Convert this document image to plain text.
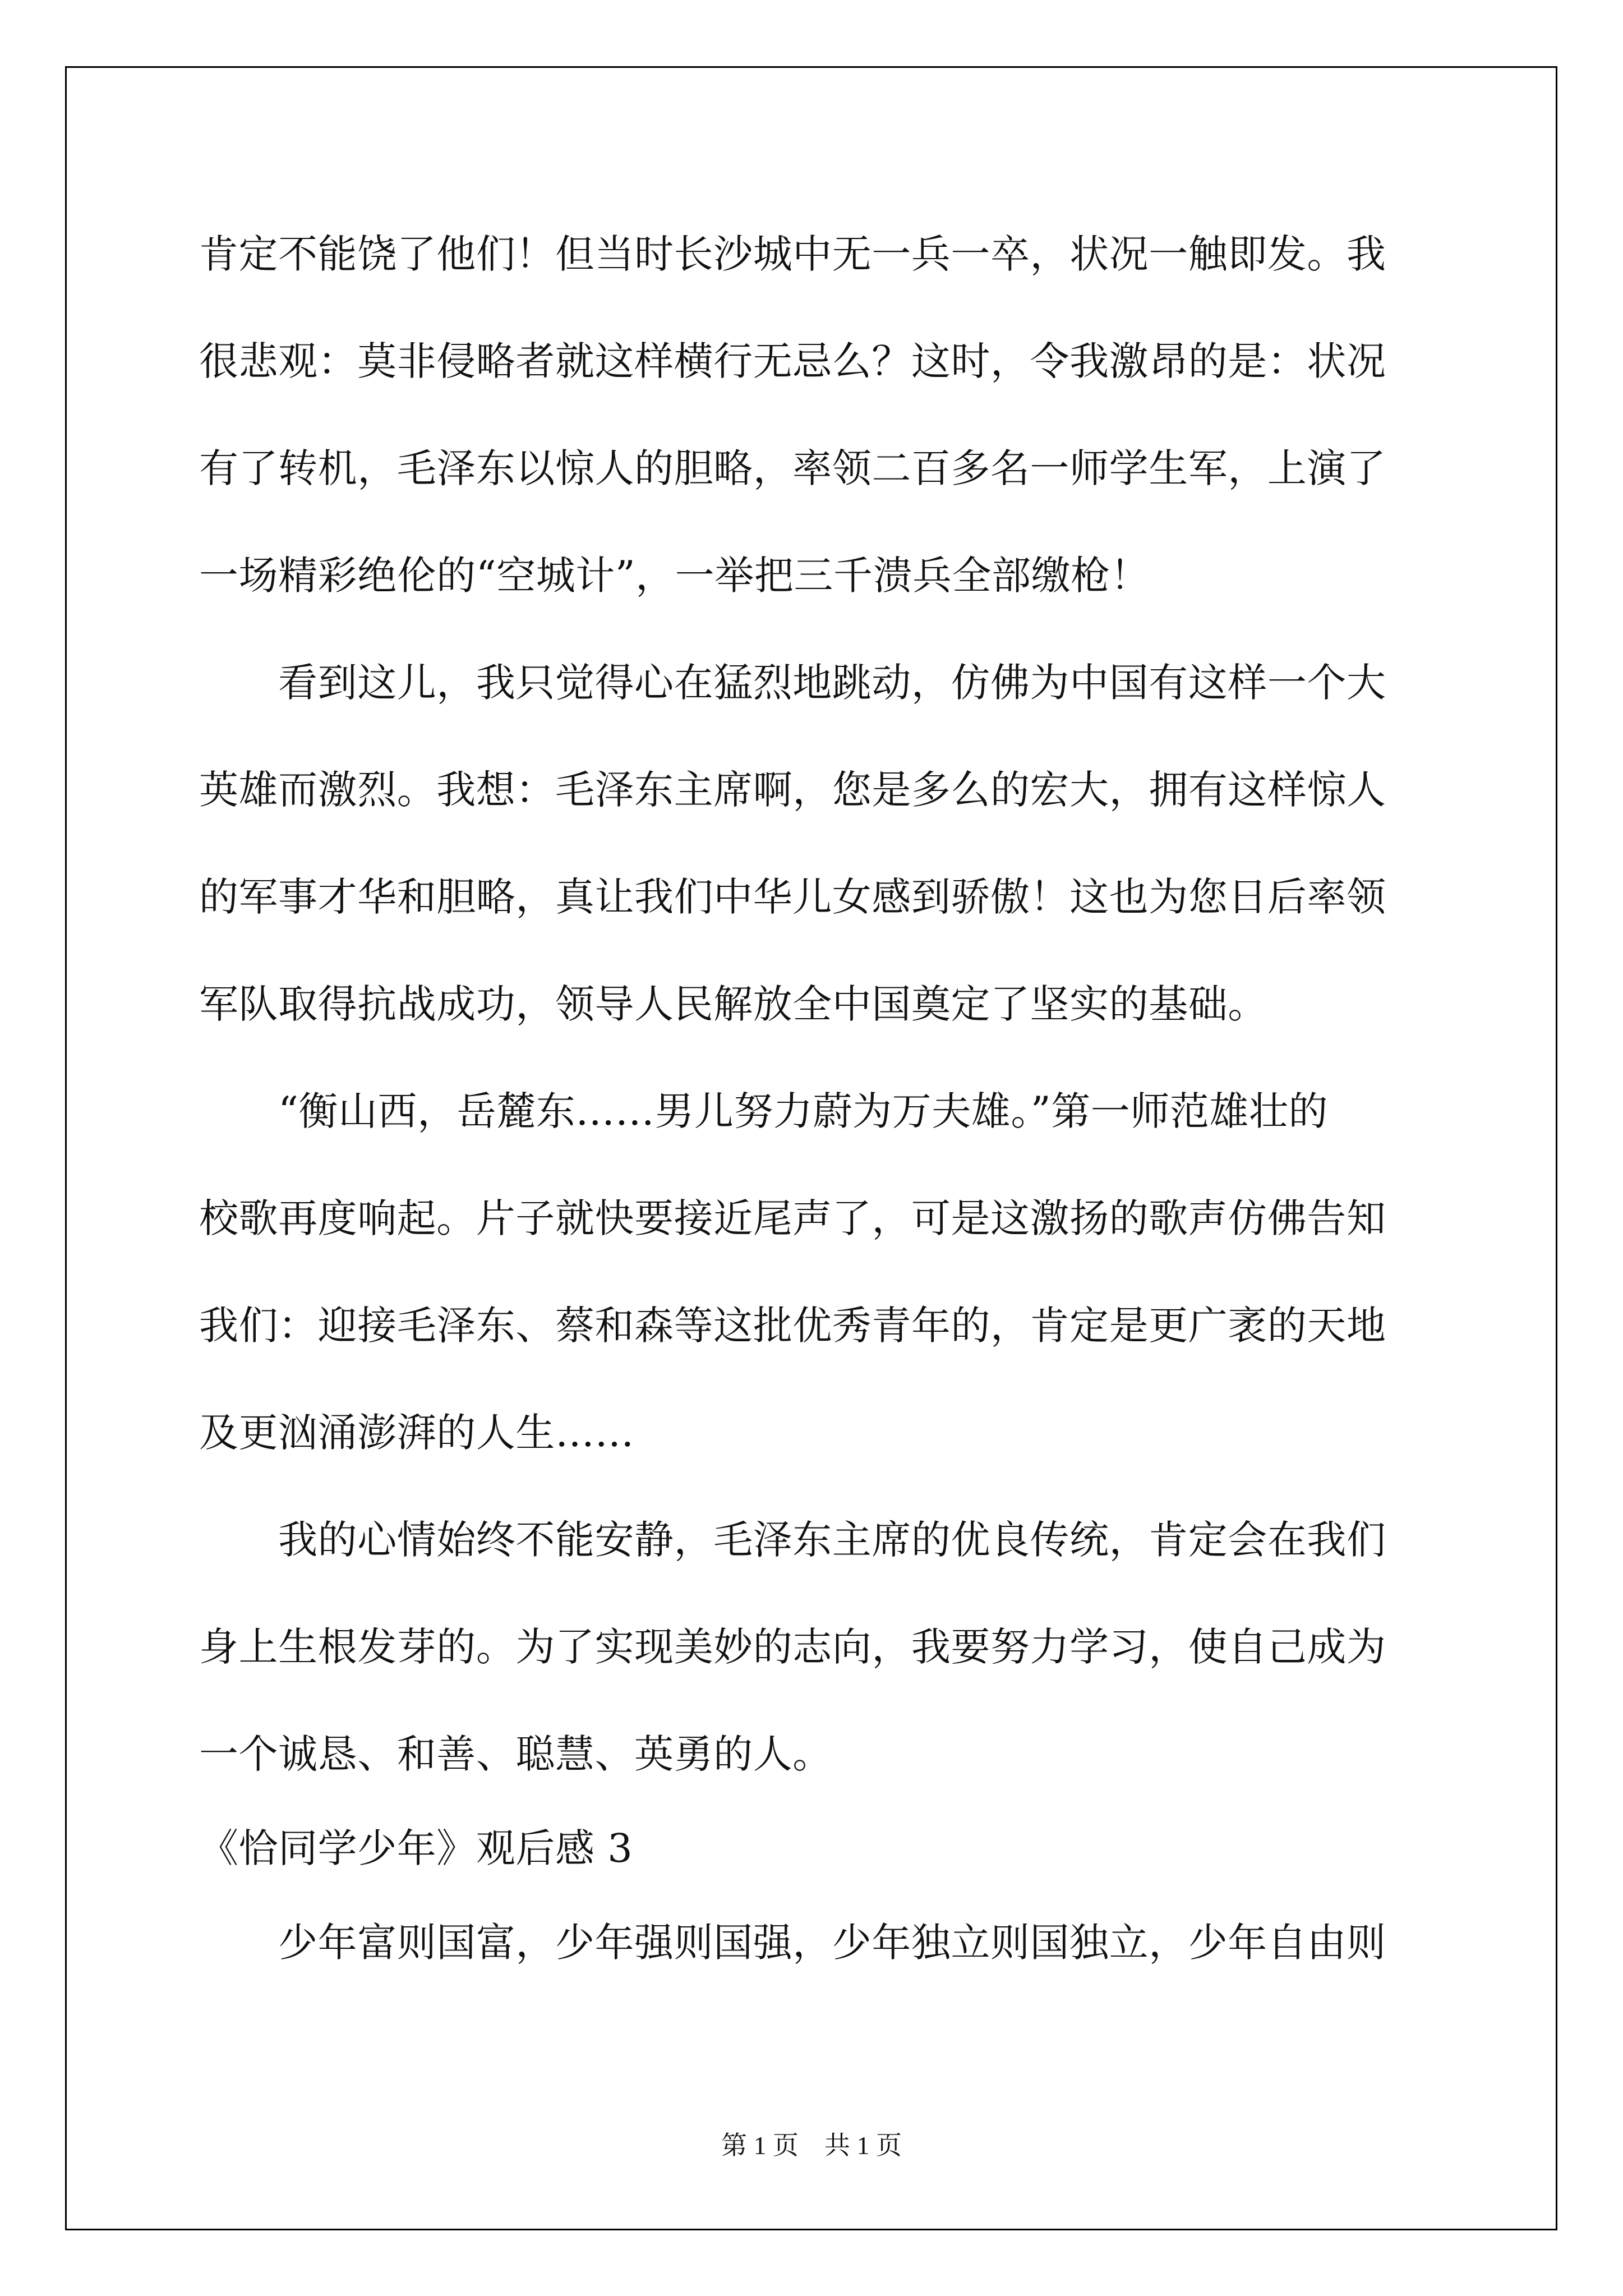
肯定不能饶了他们！但当时长沙城中无一兵一卒，状况一触即发。我
很悲观：莫非侵略者就这样横行无忌么？这时，令我激昂的是：状况
有了转机，毛泽东以惊人的胆略，率领二百多名一师学生军，上演了
一场精彩绝伦的“空城计”，一举把三千溃兵全部缴枪！
　　看到这儿，我只觉得心在猛烈地跳动，仿佛为中国有这样一个大
英雄而激烈。我想：毛泽东主席啊，您是多么的宏大，拥有这样惊人
的军事才华和胆略，真让我们中华儿女感到骄傲！这也为您日后率领
军队取得抗战成功，领导人民解放全中国奠定了坚实的基础。
　　“衡山西，岳麓东……男儿努力蔚为万夫雄。”第一师范雄壮的
校歌再度响起。片子就快要接近尾声了，可是这激扬的歌声仿佛告知
我们：迎接毛泽东、蔡和森等这批优秀青年的，肯定是更广袤的天地
及更汹涌澎湃的人生……
　　我的心情始终不能安静，毛泽东主席的优良传统，肯定会在我们
身上生根发芽的。为了实现美妙的志向，我要努力学习，使自己成为
一个诚恳、和善、聪慧、英勇的人。
《恰同学少年》观后感 3
　　少年富则国富，少年强则国强，少年独立则国独立，少年自由则
第 1 页　共 1 页
